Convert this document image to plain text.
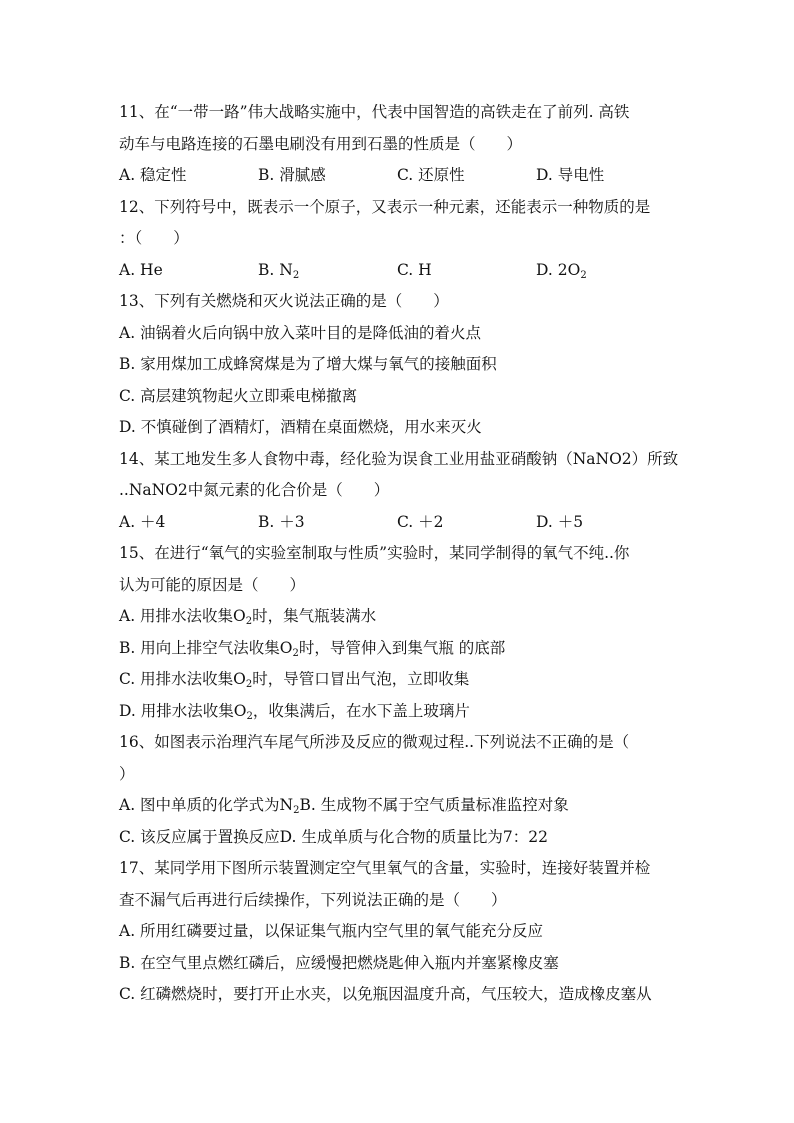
11、在“一带一路”伟大战略实施中，代表中国智造的高铁走在了前列. 高铁
动车与电路连接的石墨电刷没有用到石墨的性质是（　　）
A. 稳定性	B. 滑腻感	C. 还原性	D. 导电性
12、下列符号中，既表示一个原子，又表示一种元素，还能表示一种物质的是
：（　　）
A. He	B. $N_2$	C. H	D. $2O_2$
13、下列有关燃烧和灭火说法正确的是（　　）
A. 油锅着火后向锅中放入菜叶目的是降低油的着火点
B. 家用煤加工成蜂窝煤是为了增大煤与氧气的接触面积
C. 高层建筑物起火立即乘电梯撤离
D. 不慎碰倒了酒精灯，酒精在桌面燃烧，用水来灭火
14、某工地发生多人食物中毒，经化验为误食工业用盐亚硝酸钠（NaNO2）所致
..NaNO2中氮元素的化合价是（　　）
A. ＋4	B. ＋3	C. ＋2	D. ＋5
15、在进行“氧气的实验室制取与性质”实验时，某同学制得的氧气不纯..你
认为可能的原因是（　　）
A. 用排水法收集$O_2$时，集气瓶装满水
B. 用向上排空气法收集$O_2$时，导管伸入到集气瓶 的底部
C. 用排水法收集$O_2$时，导管口冒出气泡，立即收集
D. 用排水法收集$O_2$，收集满后，在水下盖上玻璃片
16、如图表示治理汽车尾气所涉及反应的微观过程..下列说法不正确的是（
）
A. 图中单质的化学式为$N_2B$. 生成物不属于空气质量标准监控对象
C. 该反应属于置换反应D. 生成单质与化合物的质量比为7：22
17、某同学用下图所示装置测定空气里氧气的含量，实验时，连接好装置并检
查不漏气后再进行后续操作，下列说法正确的是（　　）
A. 所用红磷要过量，以保证集气瓶内空气里的氧气能充分反应
B. 在空气里点燃红磷后，应缓慢把燃烧匙伸入瓶内并塞紧橡皮塞
C. 红磷燃烧时，要打开止水夹，以免瓶因温度升高，气压较大，造成橡皮塞从
